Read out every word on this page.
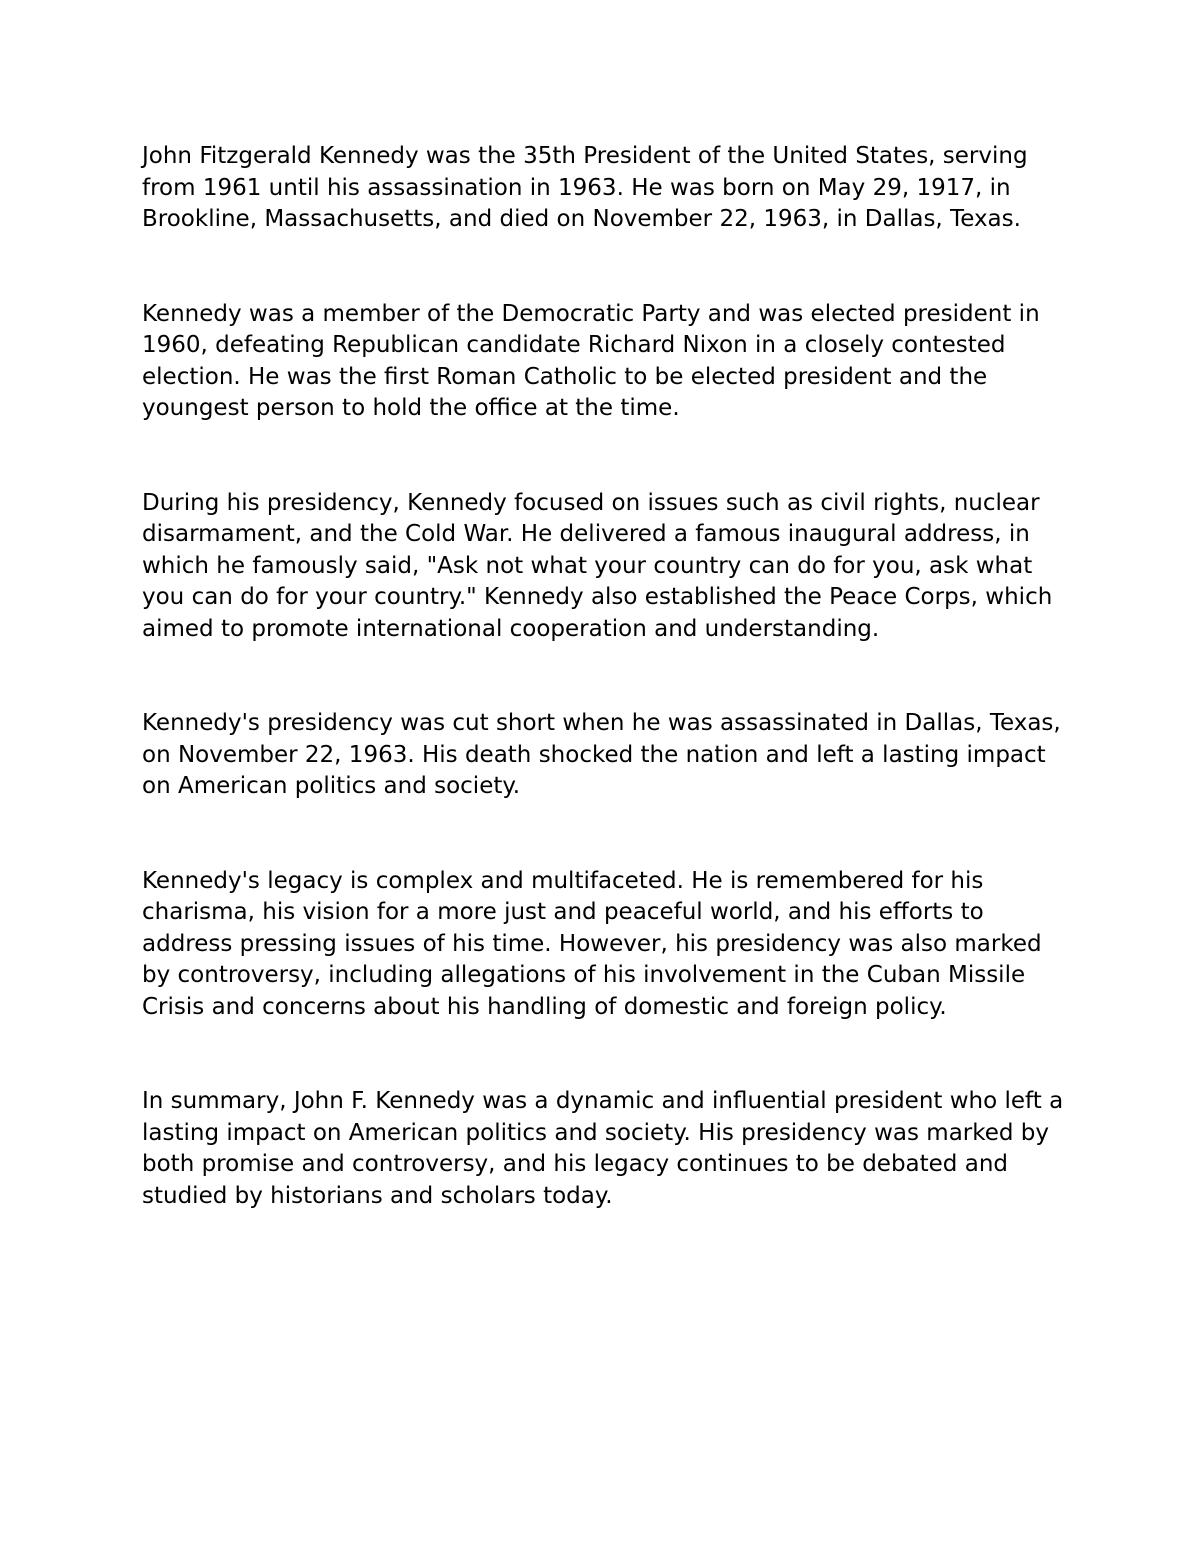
John Fitzgerald Kennedy was the 35th President of the United States, serving from 1961 until his assassination in 1963. He was born on May 29, 1917, in Brookline, Massachusetts, and died on November 22, 1963, in Dallas, Texas.

Kennedy was a member of the Democratic Party and was elected president in 1960, defeating Republican candidate Richard Nixon in a closely contested election. He was the first Roman Catholic to be elected president and the youngest person to hold the office at the time.

During his presidency, Kennedy focused on issues such as civil rights, nuclear disarmament, and the Cold War. He delivered a famous inaugural address, in which he famously said, "Ask not what your country can do for you, ask what you can do for your country." Kennedy also established the Peace Corps, which aimed to promote international cooperation and understanding.

Kennedy's presidency was cut short when he was assassinated in Dallas, Texas, on November 22, 1963. His death shocked the nation and left a lasting impact on American politics and society.

Kennedy's legacy is complex and multifaceted. He is remembered for his charisma, his vision for a more just and peaceful world, and his efforts to address pressing issues of his time. However, his presidency was also marked by controversy, including allegations of his involvement in the Cuban Missile Crisis and concerns about his handling of domestic and foreign policy.

In summary, John F. Kennedy was a dynamic and influential president who left a lasting impact on American politics and society. His presidency was marked by both promise and controversy, and his legacy continues to be debated and studied by historians and scholars today.
